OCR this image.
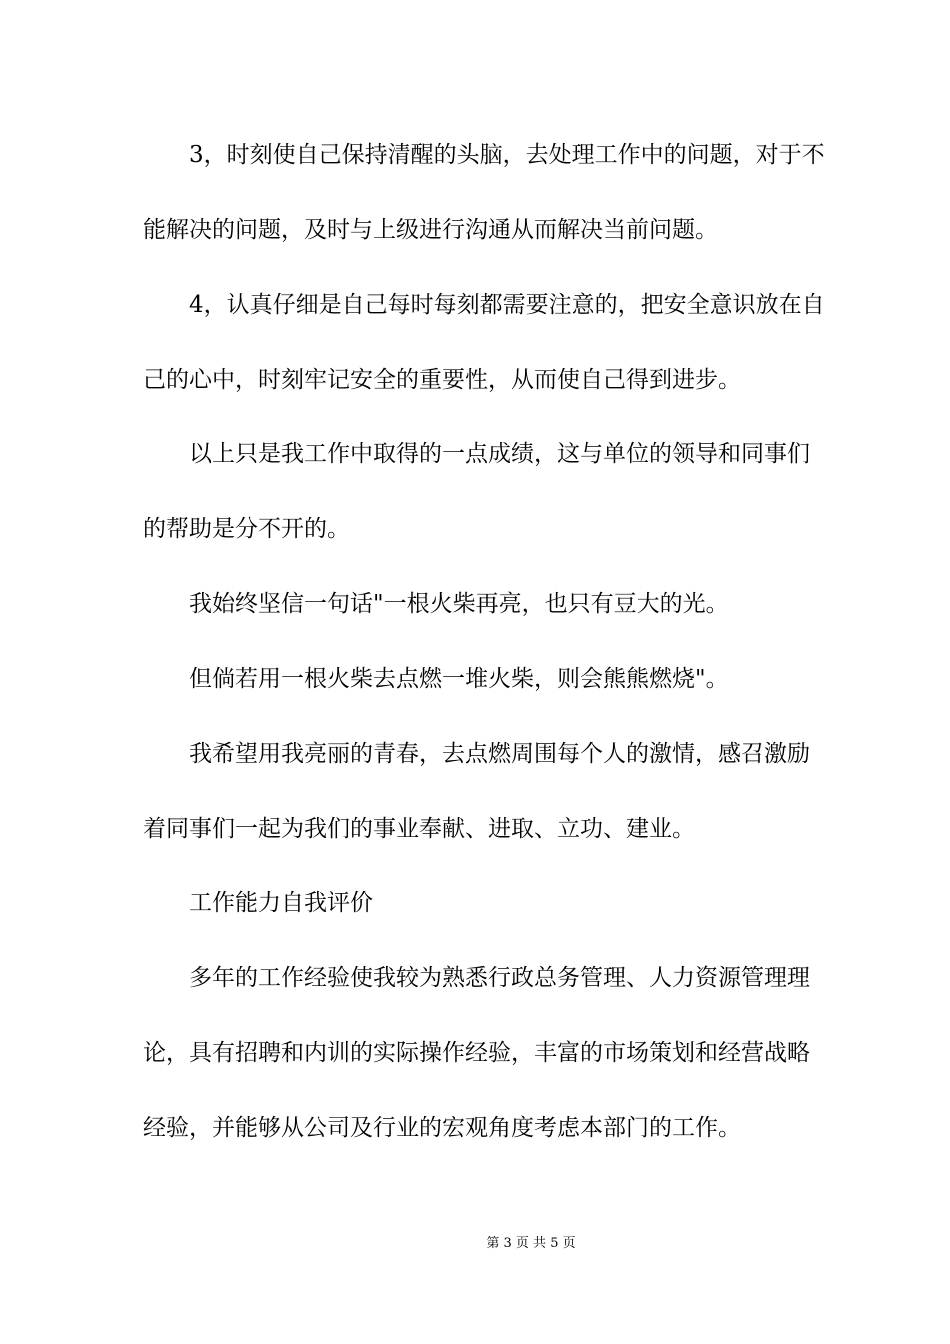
　　3，时刻使自己保持清醒的头脑，去处理工作中的问题，对于不
能解决的问题，及时与上级进行沟通从而解决当前问题。

　　4，认真仔细是自己每时每刻都需要注意的，把安全意识放在自
己的心中，时刻牢记安全的重要性，从而使自己得到进步。

　　以上只是我工作中取得的一点成绩，这与单位的领导和同事们
的帮助是分不开的。

　　我始终坚信一句话"一根火柴再亮，也只有豆大的光。

　　但倘若用一根火柴去点燃一堆火柴，则会熊熊燃烧"。

　　我希望用我亮丽的青春，去点燃周围每个人的激情，感召激励
着同事们一起为我们的事业奉献、进取、立功、建业。

　　工作能力自我评价

　　多年的工作经验使我较为熟悉行政总务管理、人力资源管理理
论，具有招聘和内训的实际操作经验，丰富的市场策划和经营战略
经验，并能够从公司及行业的宏观角度考虑本部门的工作。

第 3 页 共 5 页
